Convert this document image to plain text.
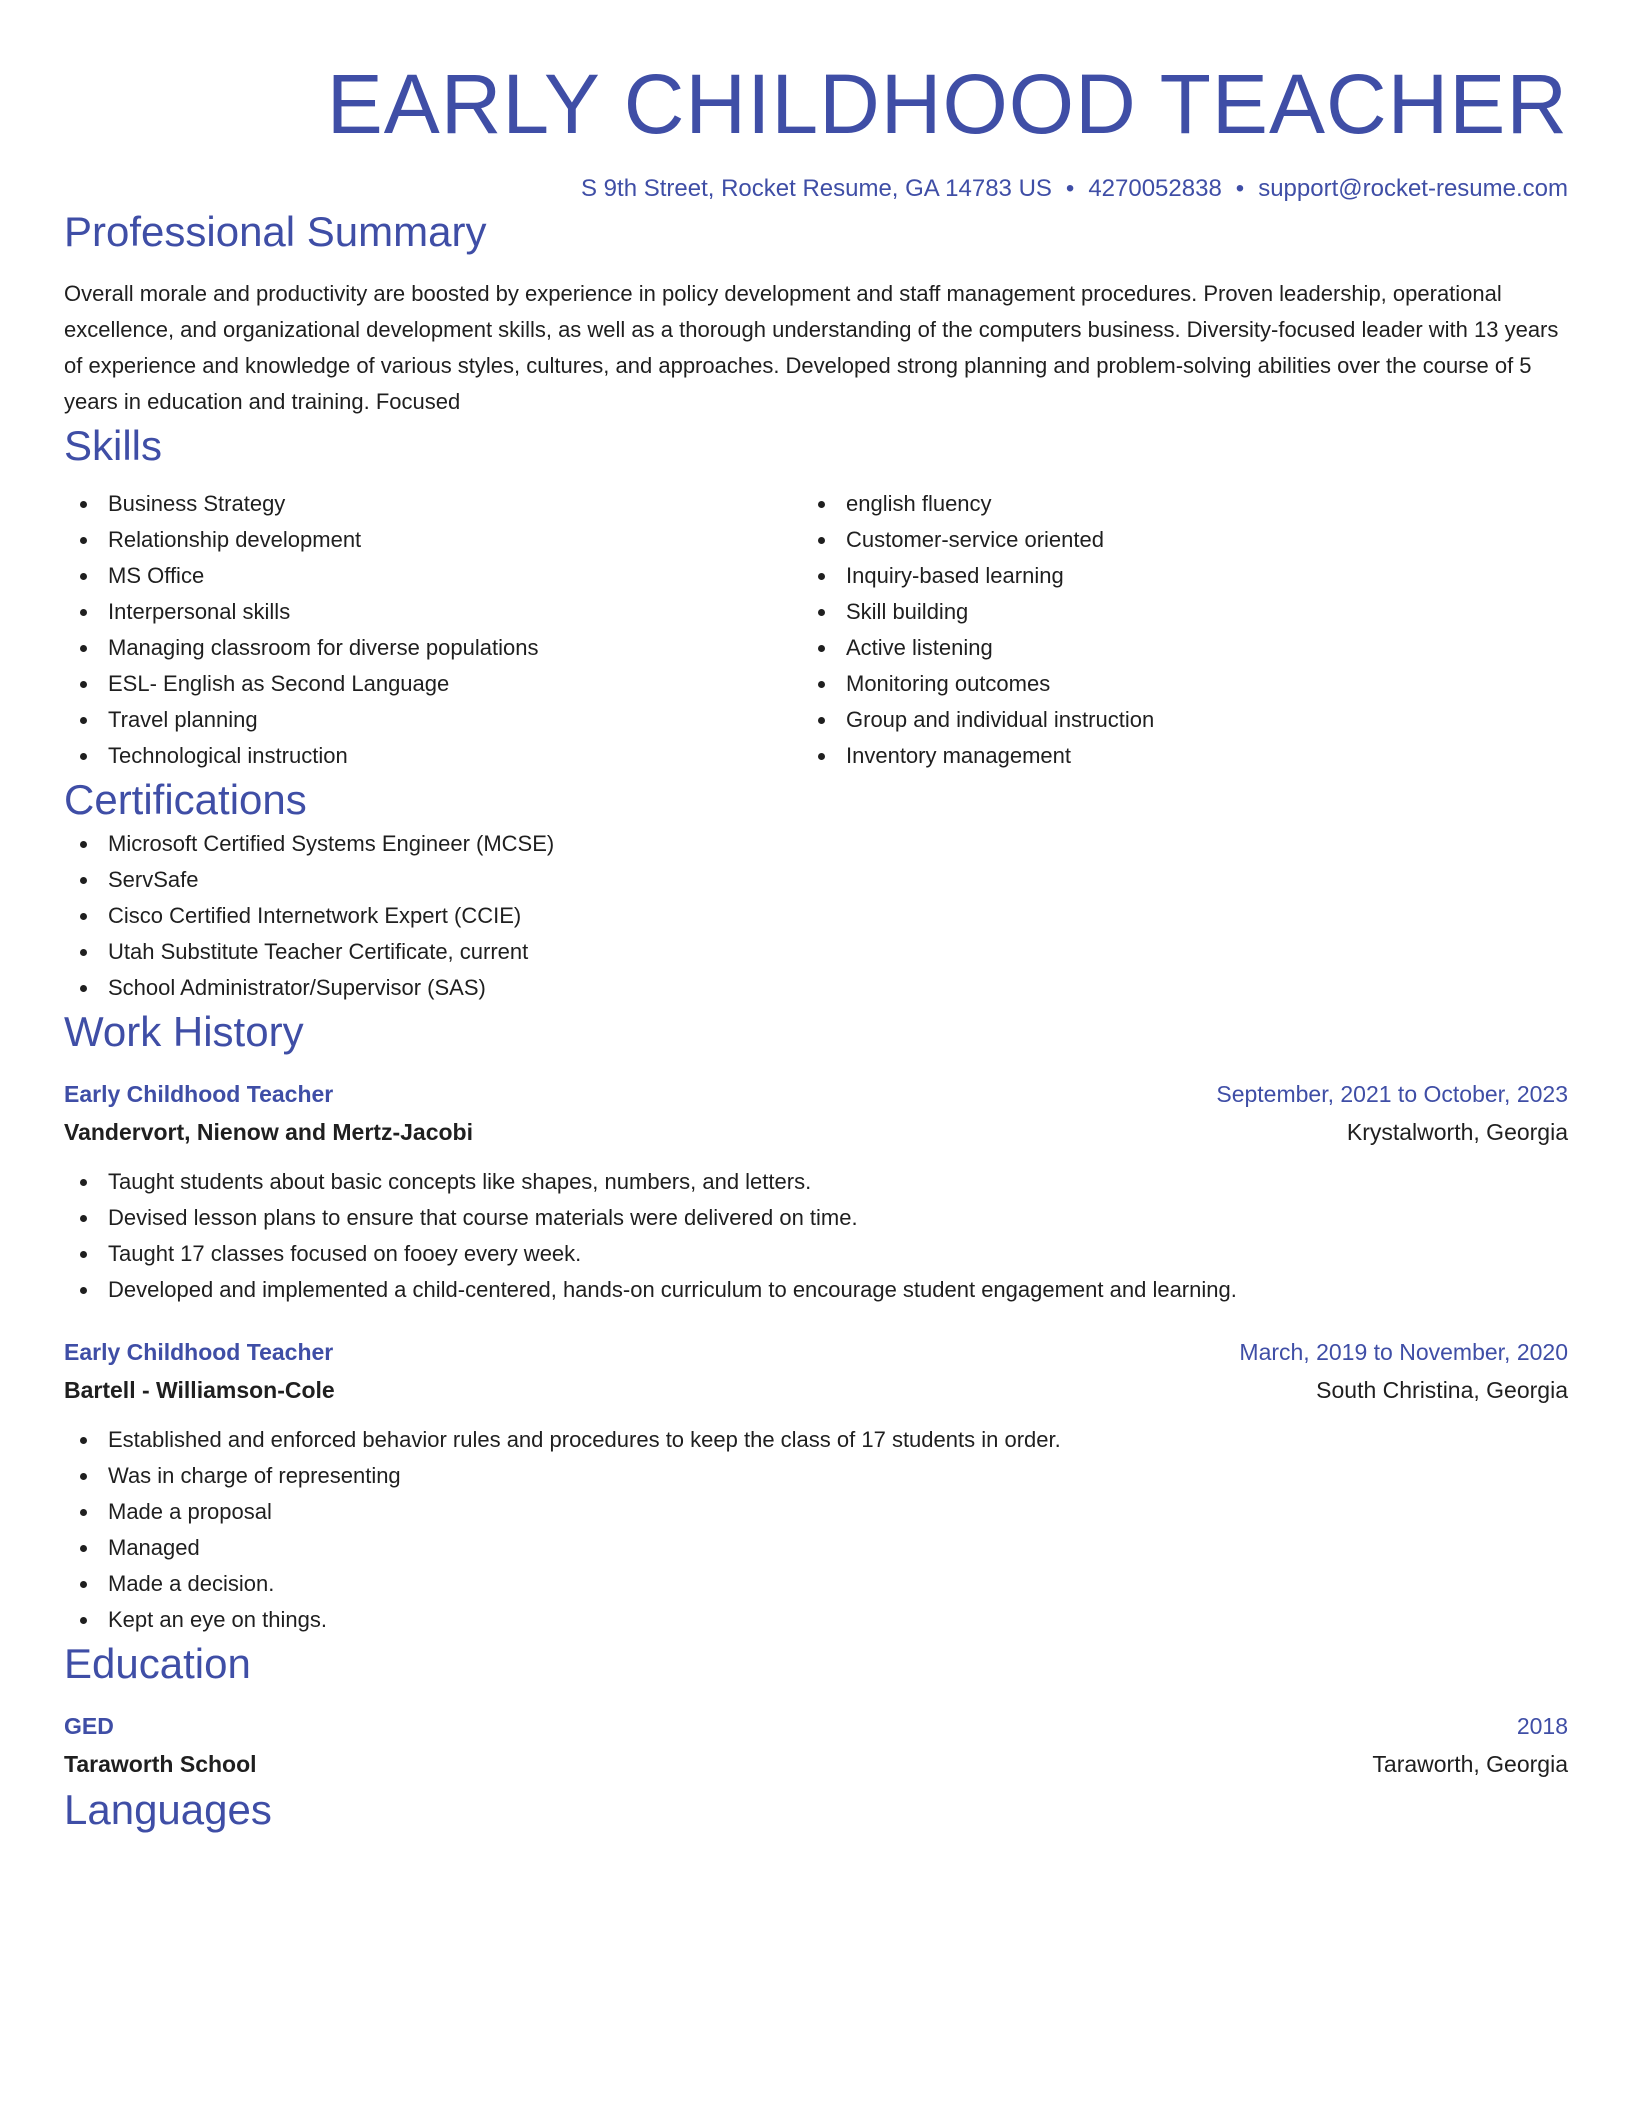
EARLY CHILDHOOD TEACHER
S 9th Street, Rocket Resume, GA 14783 US • 4270052838 • support@rocket-resume.com
Professional Summary

Overall morale and productivity are boosted by experience in policy development and staff management procedures. Proven leadership, operational excellence, and organizational development skills, as well as a thorough understanding of the computers business. Diversity-focused leader with 13 years of experience and knowledge of various styles, cultures, and approaches. Developed strong planning and problem-solving abilities over the course of 5 years in education and training. Focused

Skills
Business Strategy
Relationship development
MS Office
Interpersonal skills
Managing classroom for diverse populations
ESL- English as Second Language
Travel planning
Technological instruction
english fluency
Customer-service oriented
Inquiry-based learning
Skill building
Active listening
Monitoring outcomes
Group and individual instruction
Inventory management
Certifications
Microsoft Certified Systems Engineer (MCSE)
ServSafe
Cisco Certified Internetwork Expert (CCIE)
Utah Substitute Teacher Certificate, current
School Administrator/Supervisor (SAS)
Work History
Early Childhood Teacher	September, 2021 to October, 2023
Vandervort, Nienow and Mertz-Jacobi	Krystalworth, Georgia
Taught students about basic concepts like shapes, numbers, and letters.
Devised lesson plans to ensure that course materials were delivered on time.
Taught 17 classes focused on fooey every week.
Developed and implemented a child-centered, hands-on curriculum to encourage student engagement and learning.
Early Childhood Teacher	March, 2019 to November, 2020
Bartell - Williamson-Cole	South Christina, Georgia
Established and enforced behavior rules and procedures to keep the class of 17 students in order.
Was in charge of representing
Made a proposal
Managed
Made a decision.
Kept an eye on things.
Education
GED	2018
Taraworth School	Taraworth, Georgia
Languages
